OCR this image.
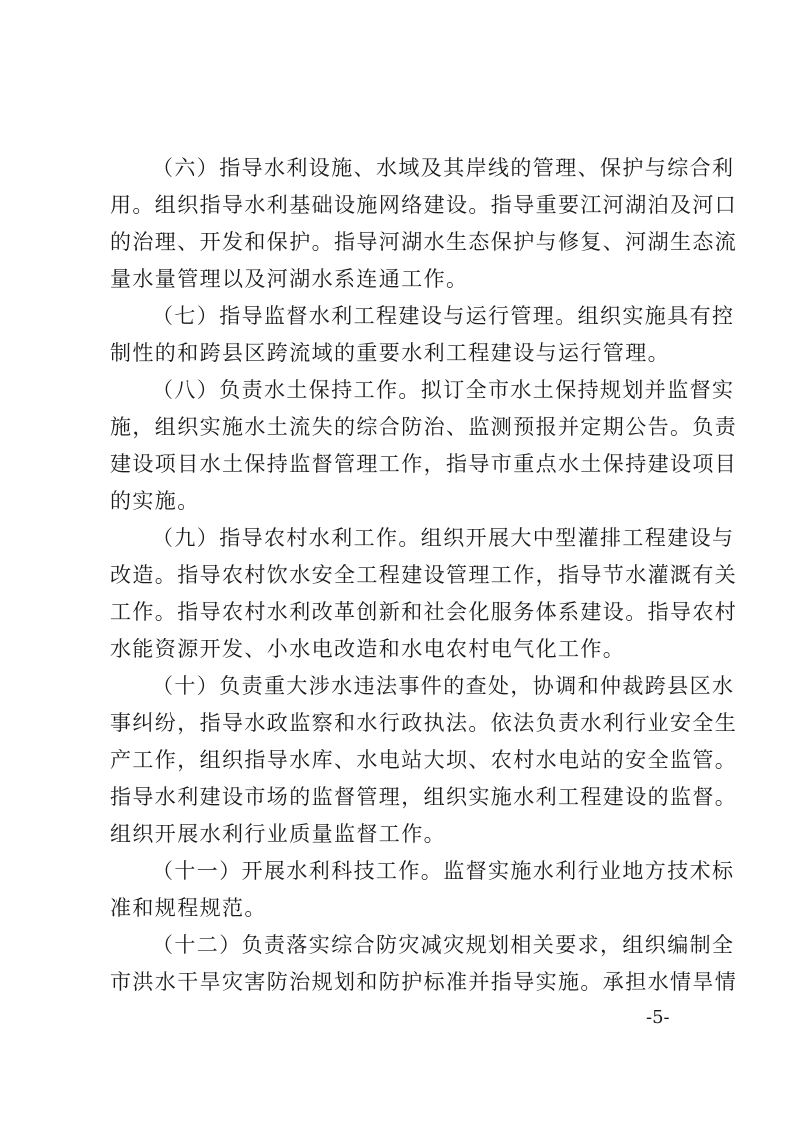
（六）指导水利设施、水域及其岸线的管理、保护与综合利
用。组织指导水利基础设施网络建设。指导重要江河湖泊及河口
的治理、开发和保护。指导河湖水生态保护与修复、河湖生态流
量水量管理以及河湖水系连通工作。
（七）指导监督水利工程建设与运行管理。组织实施具有控
制性的和跨县区跨流域的重要水利工程建设与运行管理。
（八）负责水土保持工作。拟订全市水土保持规划并监督实
施，组织实施水土流失的综合防治、监测预报并定期公告。负责
建设项目水土保持监督管理工作，指导市重点水土保持建设项目
的实施。
（九）指导农村水利工作。组织开展大中型灌排工程建设与
改造。指导农村饮水安全工程建设管理工作，指导节水灌溉有关
工作。指导农村水利改革创新和社会化服务体系建设。指导农村
水能资源开发、小水电改造和水电农村电气化工作。
（十）负责重大涉水违法事件的查处，协调和仲裁跨县区水
事纠纷，指导水政监察和水行政执法。依法负责水利行业安全生
产工作，组织指导水库、水电站大坝、农村水电站的安全监管。
指导水利建设市场的监督管理，组织实施水利工程建设的监督。
组织开展水利行业质量监督工作。
（十一）开展水利科技工作。监督实施水利行业地方技术标
准和规程规范。
（十二）负责落实综合防灾减灾规划相关要求，组织编制全
市洪水干旱灾害防治规划和防护标准并指导实施。承担水情旱情
-5-
